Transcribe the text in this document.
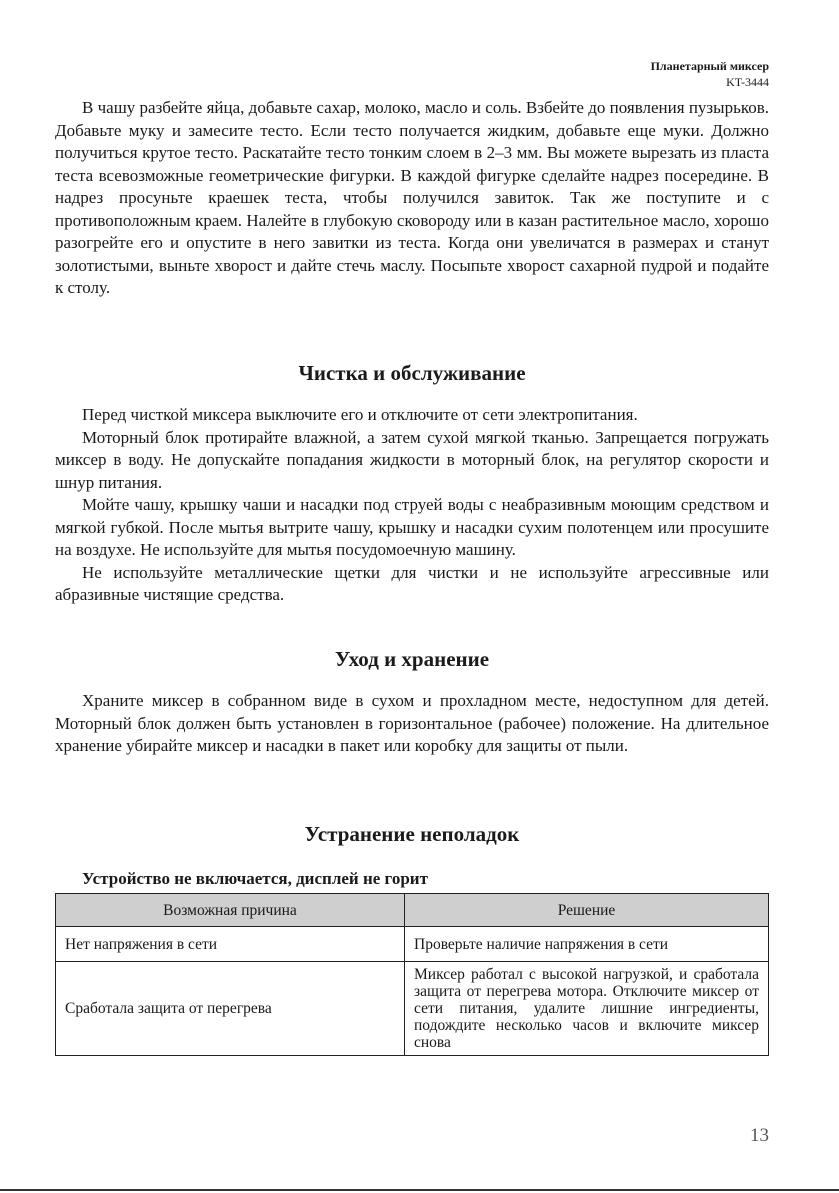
Планетарный миксер
KT-3444

В чашу разбейте яйца, добавьте сахар, молоко, масло и соль. Взбейте до появления пузырьков. Добавьте муку и замесите тесто. Если тесто получается жидким, добавьте еще муки. Должно получиться крутое тесто. Раскатайте тесто тонким слоем в 2–3 мм. Вы можете вырезать из пласта теста всевозможные геометрические фигурки. В каждой фигурке сделайте надрез посередине. В надрез просуньте краешек теста, чтобы получился завиток. Так же поступите и с противоположным краем. Налейте в глубокую сковороду или в казан растительное масло, хорошо разогрейте его и опустите в него завитки из теста. Когда они увеличатся в размерах и станут золотистыми, выньте хворост и дайте стечь маслу. Посыпьте хворост сахарной пудрой и подайте к столу.

Чистка и обслуживание

Перед чисткой миксера выключите его и отключите от сети электропитания.

Моторный блок протирайте влажной, а затем сухой мягкой тканью. Запрещается погружать миксер в воду. Не допускайте попадания жидкости в моторный блок, на регулятор скорости и шнур питания.

Мойте чашу, крышку чаши и насадки под струей воды с неабразивным моющим средством и мягкой губкой. После мытья вытрите чашу, крышку и насадки сухим полотенцем или просушите на воздухе. Не используйте для мытья посудомоечную машину.

Не используйте металлические щетки для чистки и не используйте агрессивные или абразивные чистящие средства.

Уход и хранение

Храните миксер в собранном виде в сухом и прохладном месте, недоступном для детей. Моторный блок должен быть установлен в горизонтальное (рабочее) положение. На длительное хранение убирайте миксер и насадки в пакет или коробку для защиты от пыли.

Устранение неполадок

Устройство не включается, дисплей не горит

Возможная причина	Решение
Нет напряжения в сети	Проверьте наличие напряжения в сети
Сработала защита от перегрева	Миксер работал с высокой нагрузкой, и сработала защита от перегрева мотора. Отключите миксер от сети питания, удалите лишние ингредиенты, подождите несколько часов и включите миксер снова
13
